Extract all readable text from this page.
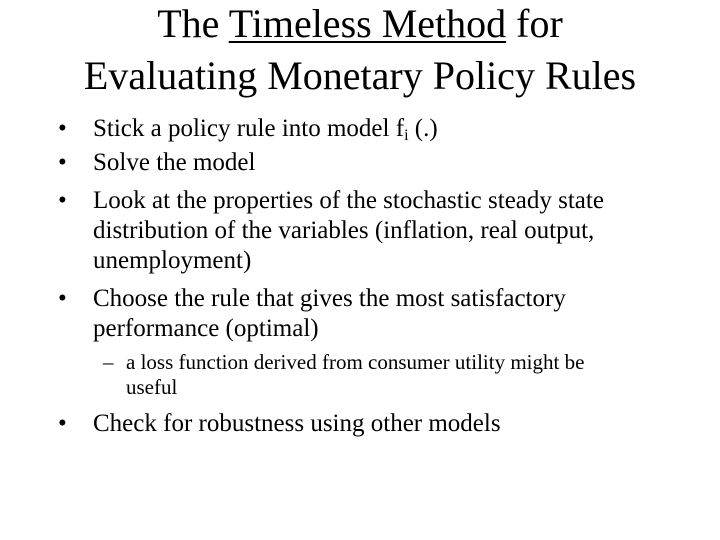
The Timeless Method for
Evaluating Monetary Policy Rules
• Stick a policy rule into model $f_i$ (.)
• Solve the model
• Look at the properties of the stochastic steady state
distribution of the variables (inflation, real output,
unemployment)
• Choose the rule that gives the most satisfactory
performance (optimal)
– a loss function derived from consumer utility might be
useful
• Check for robustness using other models
